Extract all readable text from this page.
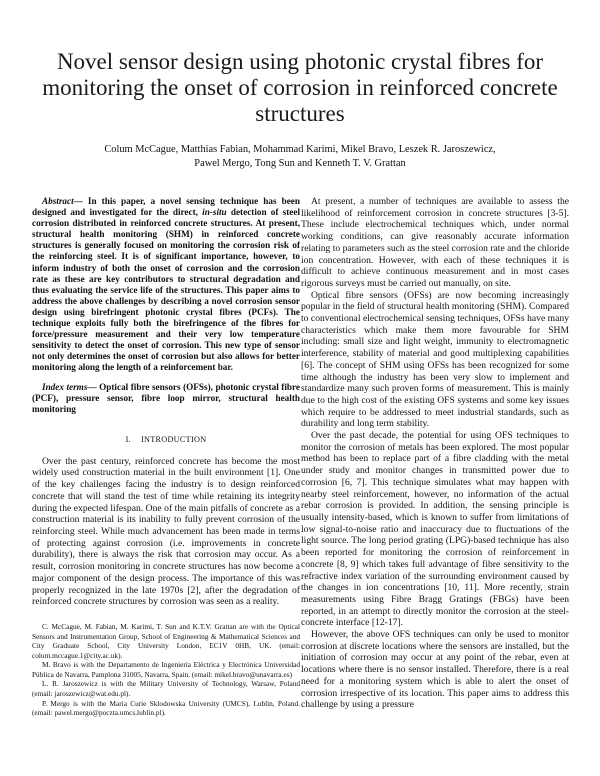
Novel sensor design using photonic crystal fibres for monitoring the onset of corrosion in reinforced concrete structures
Colum McCague, Matthias Fabian, Mohammad Karimi, Mikel Bravo, Leszek R. Jaroszewicz,
Pawel Mergo, Tong Sun and Kenneth T. V. Grattan

Abstract— In this paper, a novel sensing technique has been designed and investigated for the direct, in-situ detection of steel corrosion distributed in reinforced concrete structures. At present, structural health monitoring (SHM) in reinforced concrete structures is generally focused on monitoring the corrosion risk of the reinforcing steel. It is of significant importance, however, to inform industry of both the onset of corrosion and the corrosion rate as these are key contributors to structural degradation and thus evaluating the service life of the structures. This paper aims to address the above challenges by describing a novel corrosion sensor design using birefringent photonic crystal fibres (PCFs). The technique exploits fully both the birefringence of the fibres for force/pressure measurement and their very low temperature sensitivity to detect the onset of corrosion. This new type of sensor not only determines the onset of corrosion but also allows for better monitoring along the length of a reinforcement bar.

Index terms— Optical fibre sensors (OFSs), photonic crystal fibre (PCF), pressure sensor, fibre loop mirror, structural health monitoring

I. INTRODUCTION

Over the past century, reinforced concrete has become the most widely used construction material in the built environment [1]. One of the key challenges facing the industry is to design reinforced concrete that will stand the test of time while retaining its integrity during the expected lifespan. One of the main pitfalls of concrete as a construction material is its inability to fully prevent corrosion of the reinforcing steel. While much advancement has been made in terms of protecting against corrosion (i.e. improvements in concrete durability), there is always the risk that corrosion may occur. As a result, corrosion monitoring in concrete structures has now become a major component of the design process. The importance of this was properly recognized in the late 1970s [2], after the degradation of reinforced concrete structures by corrosion was seen as a reality.

C. McCague, M. Fabian, M. Karimi, T. Sun and K.T.V. Grattan are with the Optical Sensors and Instrumentation Group, School of Engineering & Mathematical Sciences and City Graduate School, City University London, EC1V 0HB, UK. (email: colum.mccague.1@city.ac.uk).

M. Bravo is with the Departamento de Ingeniería Eléctrica y Electrónica Universidad Pública de Navarra, Pamplona 31005, Navarra, Spain. (email: mikel.bravo@unavarra.es)

L. R. Jaroszewicz is with the Military University of Technology, Warsaw, Poland (email: jaroszewicz@wat.edu.pl).

P. Mergo is with the Maria Curie Sklodowska University (UMCS), Lublin, Poland. (email: pawel.mergo@poczta.umcs.lublin.pl).

At present, a number of techniques are available to assess the likelihood of reinforcement corrosion in concrete structures [3-5]. These include electrochemical techniques which, under normal working conditions, can give reasonably accurate information relating to parameters such as the steel corrosion rate and the chloride ion concentration. However, with each of these techniques it is difficult to achieve continuous measurement and in most cases rigorous surveys must be carried out manually, on site.

Optical fibre sensors (OFSs) are now becoming increasingly popular in the field of structural health monitoring (SHM). Compared to conventional electrochemical sensing techniques, OFSs have many characteristics which make them more favourable for SHM including: small size and light weight, immunity to electromagnetic interference, stability of material and good multiplexing capabilities [6]. The concept of SHM using OFSs has been recognized for some time although the industry has been very slow to implement and standardize many such proven forms of measurement. This is mainly due to the high cost of the existing OFS systems and some key issues which require to be addressed to meet industrial standards, such as durability and long term stability.

Over the past decade, the potential for using OFS techniques to monitor the corrosion of metals has been explored. The most popular method has been to replace part of a fibre cladding with the metal under study and monitor changes in transmitted power due to corrosion [6, 7]. This technique simulates what may happen with nearby steel reinforcement, however, no information of the actual rebar corrosion is provided. In addition, the sensing principle is usually intensity-based, which is known to suffer from limitations of low signal-to-noise ratio and inaccuracy due to fluctuations of the light source. The long period grating (LPG)-based technique has also been reported for monitoring the corrosion of reinforcement in concrete [8, 9] which takes full advantage of fibre sensitivity to the refractive index variation of the surrounding environment caused by the changes in ion concentrations [10, 11]. More recently, strain measurements using Fibre Bragg Gratings (FBGs) have been reported, in an attempt to directly monitor the corrosion at the steel-concrete interface [12-17].

However, the above OFS techniques can only be used to monitor corrosion at discrete locations where the sensors are installed, but the initiation of corrosion may occur at any point of the rebar, even at locations where there is no sensor installed. Therefore, there is a real need for a monitoring system which is able to alert the onset of corrosion irrespective of its location. This paper aims to address this challenge by using a pressure
